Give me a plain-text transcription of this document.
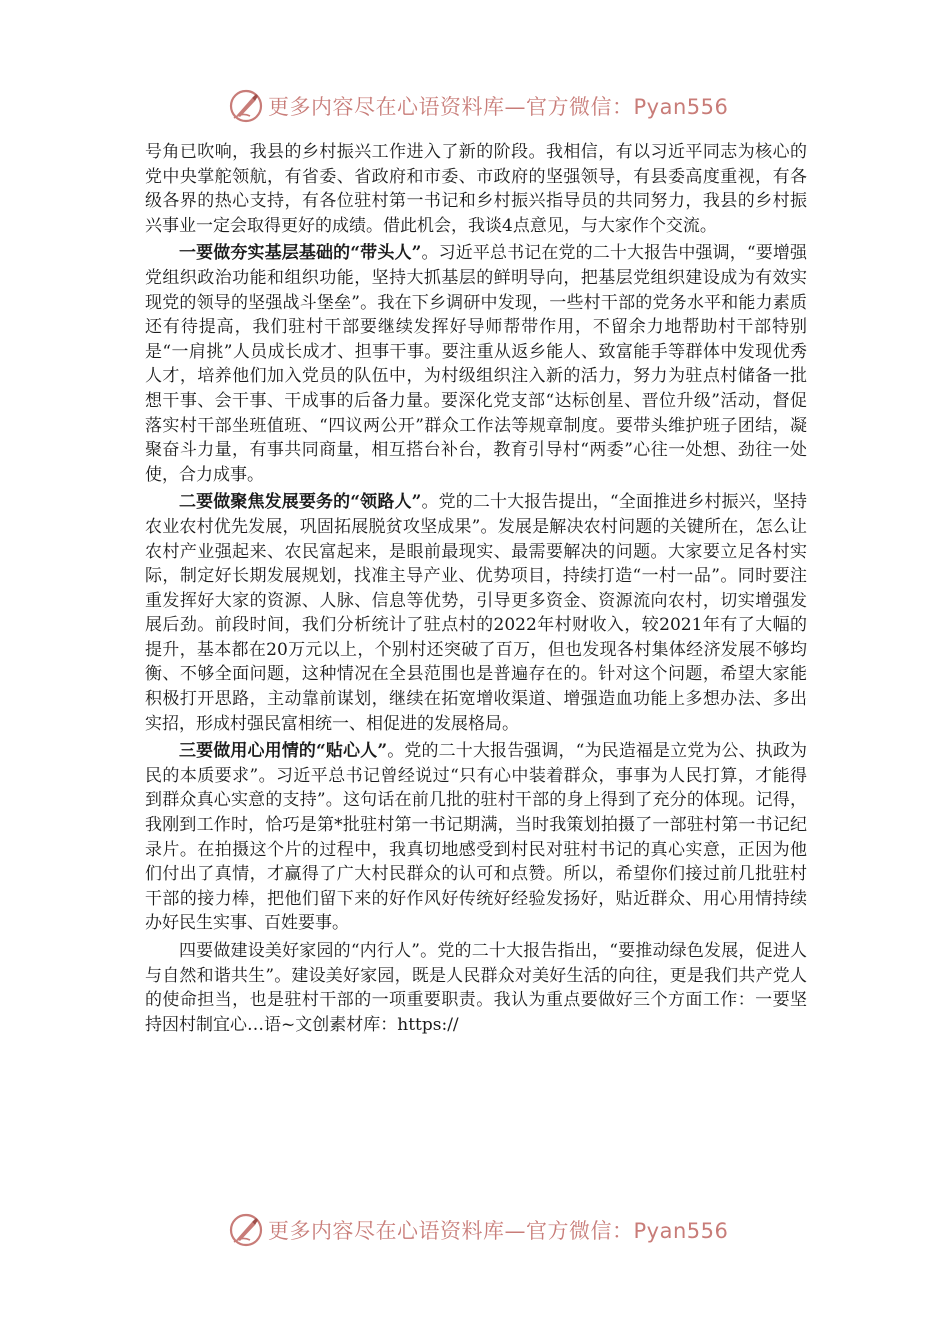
更多内容尽在心语资料库—官方微信：Pyan556

号角已吹响，我县的乡村振兴工作进入了新的阶段。我相信，有以习近平同志为核心的党中央掌舵领航，有省委、省政府和市委、市政府的坚强领导，有县委高度重视，有各级各界的热心支持，有各位驻村第一书记和乡村振兴指导员的共同努力，我县的乡村振兴事业一定会取得更好的成绩。借此机会，我谈4点意见，与大家作个交流。

一要做夯实基层基础的“带头人”。习近平总书记在党的二十大报告中强调，“要增强党组织政治功能和组织功能，坚持大抓基层的鲜明导向，把基层党组织建设成为有效实现党的领导的坚强战斗堡垒”。我在下乡调研中发现，一些村干部的党务水平和能力素质还有待提高，我们驻村干部要继续发挥好导师帮带作用，不留余力地帮助村干部特别是“一肩挑”人员成长成才、担事干事。要注重从返乡能人、致富能手等群体中发现优秀人才，培养他们加入党员的队伍中，为村级组织注入新的活力，努力为驻点村储备一批想干事、会干事、干成事的后备力量。要深化党支部“达标创星、晋位升级”活动，督促落实村干部坐班值班、“四议两公开”群众工作法等规章制度。要带头维护班子团结，凝聚奋斗力量，有事共同商量，相互搭台补台，教育引导村“两委”心往一处想、劲往一处使，合力成事。

二要做聚焦发展要务的“领路人”。党的二十大报告提出，“全面推进乡村振兴，坚持农业农村优先发展，巩固拓展脱贫攻坚成果”。发展是解决农村问题的关键所在，怎么让农村产业强起来、农民富起来，是眼前最现实、最需要解决的问题。大家要立足各村实际，制定好长期发展规划，找准主导产业、优势项目，持续打造“一村一品”。同时要注重发挥好大家的资源、人脉、信息等优势，引导更多资金、资源流向农村，切实增强发展后劲。前段时间，我们分析统计了驻点村的2022年村财收入，较2021年有了大幅的提升，基本都在20万元以上，个别村还突破了百万，但也发现各村集体经济发展不够均衡、不够全面问题，这种情况在全县范围也是普遍存在的。针对这个问题，希望大家能积极打开思路，主动靠前谋划，继续在拓宽增收渠道、增强造血功能上多想办法、多出实招，形成村强民富相统一、相促进的发展格局。

三要做用心用情的“贴心人”。党的二十大报告强调，“为民造福是立党为公、执政为民的本质要求”。习近平总书记曾经说过“只有心中装着群众，事事为人民打算，才能得到群众真心实意的支持”。这句话在前几批的驻村干部的身上得到了充分的体现。记得，我刚到工作时，恰巧是第*批驻村第一书记期满，当时我策划拍摄了一部驻村第一书记纪录片。在拍摄这个片的过程中，我真切地感受到村民对驻村书记的真心实意，正因为他们付出了真情，才赢得了广大村民群众的认可和点赞。所以，希望你们接过前几批驻村干部的接力棒，把他们留下来的好作风好传统好经验发扬好，贴近群众、用心用情持续办好民生实事、百姓要事。

四要做建设美好家园的“内行人”。党的二十大报告指出，“要推动绿色发展，促进人与自然和谐共生”。建设美好家园，既是人民群众对美好生活的向往，更是我们共产党人的使命担当，也是驻村干部的一项重要职责。我认为重点要做好三个方面工作：一要坚持因村制宜心…语~文创素材库：https://

更多内容尽在心语资料库—官方微信：Pyan556
